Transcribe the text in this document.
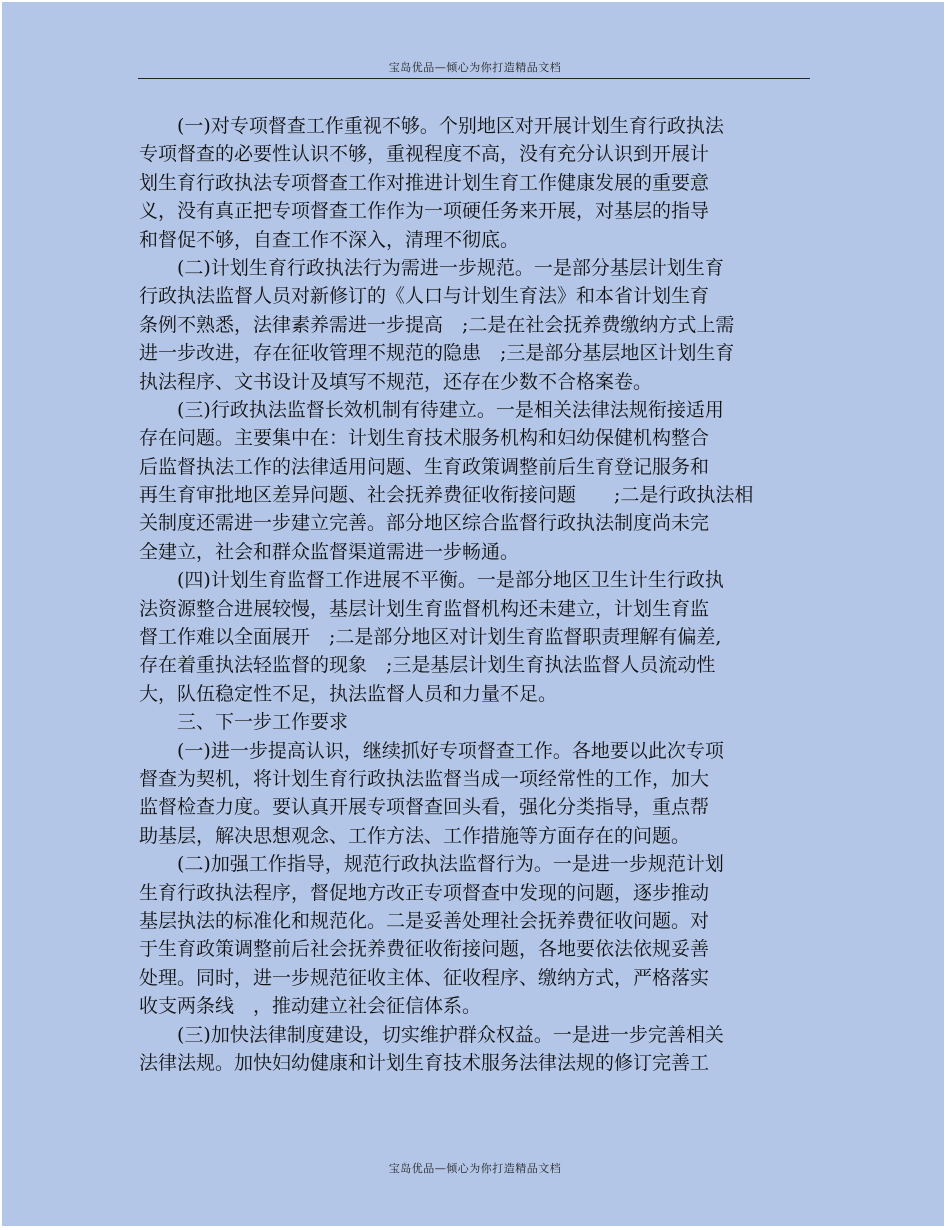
宝岛优品—倾心为你打造精品文档
　　(一)对专项督查工作重视不够。个别地区对开展计划生育行政执法
专项督查的必要性认识不够，重视程度不高，没有充分认识到开展计
划生育行政执法专项督查工作对推进计划生育工作健康发展的重要意
义，没有真正把专项督查工作作为一项硬任务来开展，对基层的指导
和督促不够，自查工作不深入，清理不彻底。
　　(二)计划生育行政执法行为需进一步规范。一是部分基层计划生育
行政执法监督人员对新修订的《人口与计划生育法》和本省计划生育
条例不熟悉，法律素养需进一步提高　;二是在社会抚养费缴纳方式上需
进一步改进，存在征收管理不规范的隐患　;三是部分基层地区计划生育
执法程序、文书设计及填写不规范，还存在少数不合格案卷。
　　(三)行政执法监督长效机制有待建立。一是相关法律法规衔接适用
存在问题。主要集中在：计划生育技术服务机构和妇幼保健机构整合
后监督执法工作的法律适用问题、生育政策调整前后生育登记服务和
再生育审批地区差异问题、社会抚养费征收衔接问题　　;二是行政执法相
关制度还需进一步建立完善。部分地区综合监督行政执法制度尚未完
全建立，社会和群众监督渠道需进一步畅通。
　　(四)计划生育监督工作进展不平衡。一是部分地区卫生计生行政执
法资源整合进展较慢，基层计划生育监督机构还未建立，计划生育监
督工作难以全面展开　;二是部分地区对计划生育监督职责理解有偏差,
存在着重执法轻监督的现象　;三是基层计划生育执法监督人员流动性
大，队伍稳定性不足，执法监督人员和力量不足。
　　三、下一步工作要求
　　(一)进一步提高认识，继续抓好专项督查工作。各地要以此次专项
督查为契机，将计划生育行政执法监督当成一项经常性的工作，加大
监督检查力度。要认真开展专项督查回头看，强化分类指导，重点帮
助基层，解决思想观念、工作方法、工作措施等方面存在的问题。
　　(二)加强工作指导，规范行政执法监督行为。一是进一步规范计划
生育行政执法程序，督促地方改正专项督查中发现的问题，逐步推动
基层执法的标准化和规范化。二是妥善处理社会抚养费征收问题。对
于生育政策调整前后社会抚养费征收衔接问题，各地要依法依规妥善
处理。同时，进一步规范征收主体、征收程序、缴纳方式，严格落实
收支两条线　，推动建立社会征信体系。
　　(三)加快法律制度建设，切实维护群众权益。一是进一步完善相关
法律法规。加快妇幼健康和计划生育技术服务法律法规的修订完善工
宝岛优品—倾心为你打造精品文档
